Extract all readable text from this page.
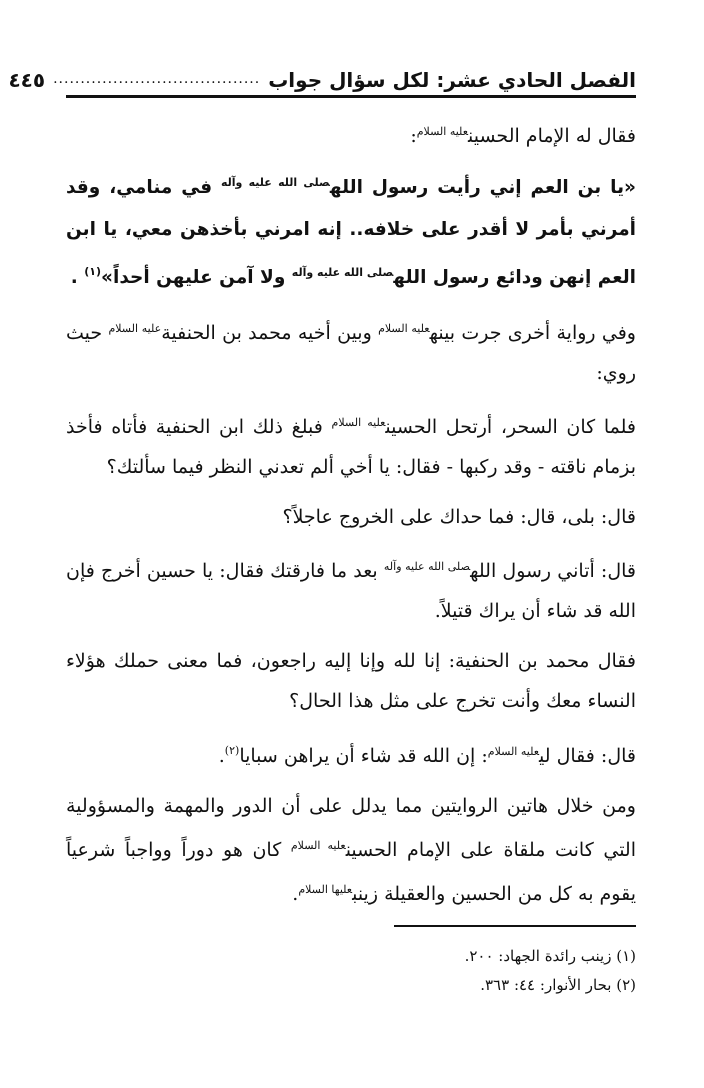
الفصل الحادي عشر: لكل سؤال جواب
......................................
٤٤٥

فقال له الإمام الحسين$^{عليه السلام}$:

«يا بن العم إني رأيت رسول الله$^{صلى الله عليه وآله}$ في منامي، وقد أمرني بأمر لا أقدر على خلافه.. إنه امرني بأخذهن معي، يا ابن العم إنهن ودائع رسول الله$^{صلى الله عليه وآله}$ ولا آمن عليهن أحداً»$^{(١)}$ .

وفي رواية أخرى جرت بينه$^{عليه السلام}$ وبين أخيه محمد بن الحنفية$^{عليه السلام}$ حيث روي:

فلما كان السحر، أرتحل الحسين$^{عليه السلام}$ فبلغ ذلك ابن الحنفية فأتاه فأخذ بزمام ناقته - وقد ركبها - فقال: يا أخي ألم تعدني النظر فيما سألتك؟

قال: بلى، قال: فما حداك على الخروج عاجلاً؟

قال: أتاني رسول الله$^{صلى الله عليه وآله}$ بعد ما فارقتك فقال: يا حسين أخرج فإن الله قد شاء أن يراك قتيلاً.

فقال محمد بن الحنفية: إنا لله وإنا إليه راجعون، فما معنى حملك هؤلاء النساء معك وأنت تخرج على مثل هذا الحال؟

قال: فقال لي$^{عليه السلام}$: إن الله قد شاء أن يراهن سبايا$^{(٢)}$.

ومن خلال هاتين الروايتين مما يدلل على أن الدور والمهمة والمسؤولية التي كانت ملقاة على الإمام الحسين$^{عليه السلام}$ كان هو دوراً وواجباً شرعياً يقوم به كل من الحسين والعقيلة زينب$^{عليها السلام}$.

(١) زينب رائدة الجهاد: ٢٠٠.

(٢) بحار الأنوار: ٤٤: ٣٦٣.
